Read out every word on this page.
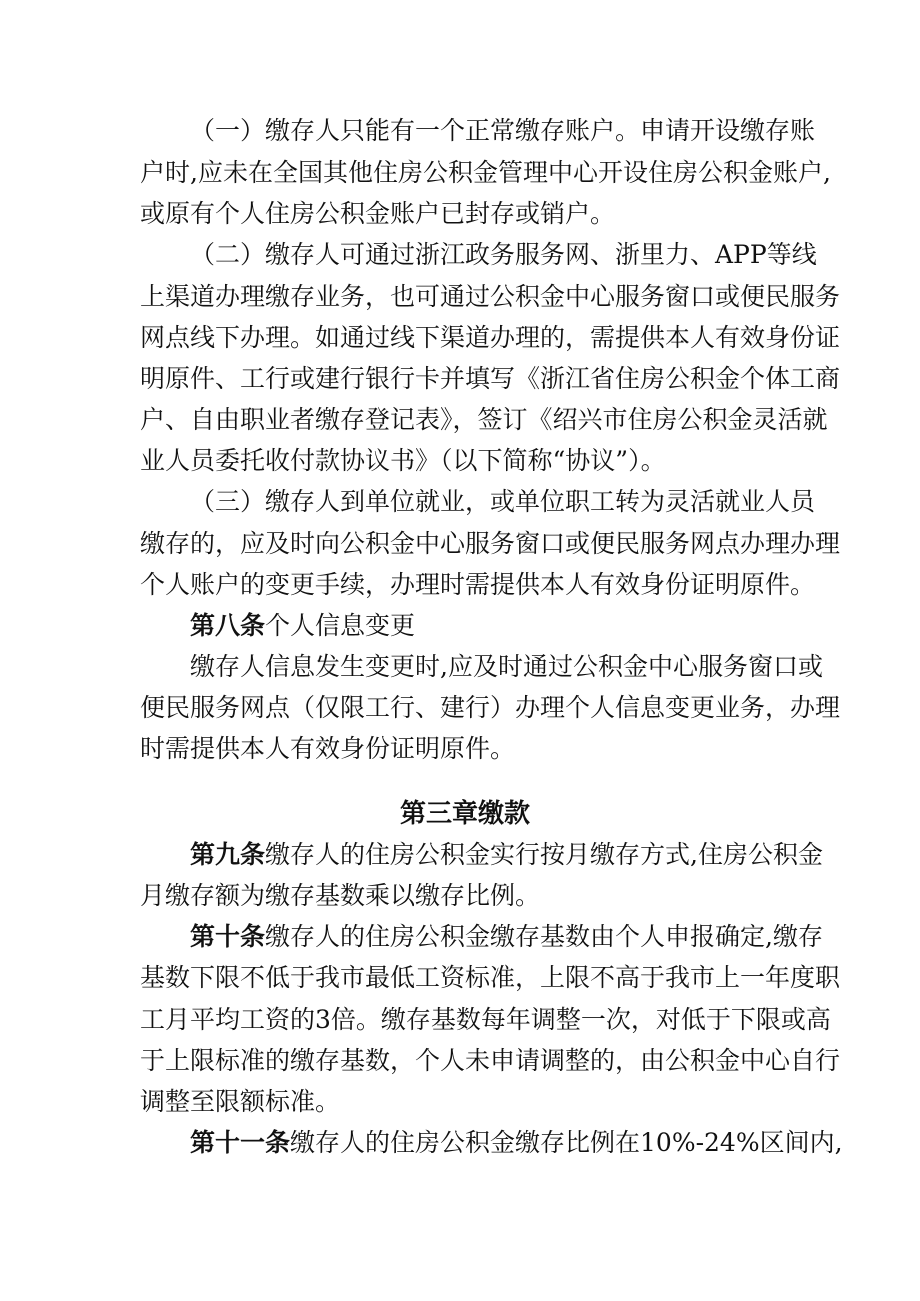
（一）缴存人只能有一个正常缴存账户。申请开设缴存账
户时,应未在全国其他住房公积金管理中心开设住房公积金账户,
或原有个人住房公积金账户已封存或销户。
（二）缴存人可通过浙江政务服务网、浙里力、APP等线
上渠道办理缴存业务，也可通过公积金中心服务窗口或便民服务
网点线下办理。如通过线下渠道办理的，需提供本人有效身份证
明原件、工行或建行银行卡并填写《浙江省住房公积金个体工商
户、自由职业者缴存登记表》，签订《绍兴市住房公积金灵活就
业人员委托收付款协议书》（以下简称“协议”）。
（三）缴存人到单位就业，或单位职工转为灵活就业人员
缴存的，应及时向公积金中心服务窗口或便民服务网点办理办理
个人账户的变更手续，办理时需提供本人有效身份证明原件。
第八条个人信息变更
缴存人信息发生变更时,应及时通过公积金中心服务窗口或
便民服务网点（仅限工行、建行）办理个人信息变更业务，办理
时需提供本人有效身份证明原件。
第三章缴款
第九条缴存人的住房公积金实行按月缴存方式,住房公积金
月缴存额为缴存基数乘以缴存比例。
第十条缴存人的住房公积金缴存基数由个人申报确定,缴存
基数下限不低于我市最低工资标准，上限不高于我市上一年度职
工月平均工资的3倍。缴存基数每年调整一次，对低于下限或高
于上限标准的缴存基数，个人未申请调整的，由公积金中心自行
调整至限额标准。
第十一条缴存人的住房公积金缴存比例在10%-24%区间内,
